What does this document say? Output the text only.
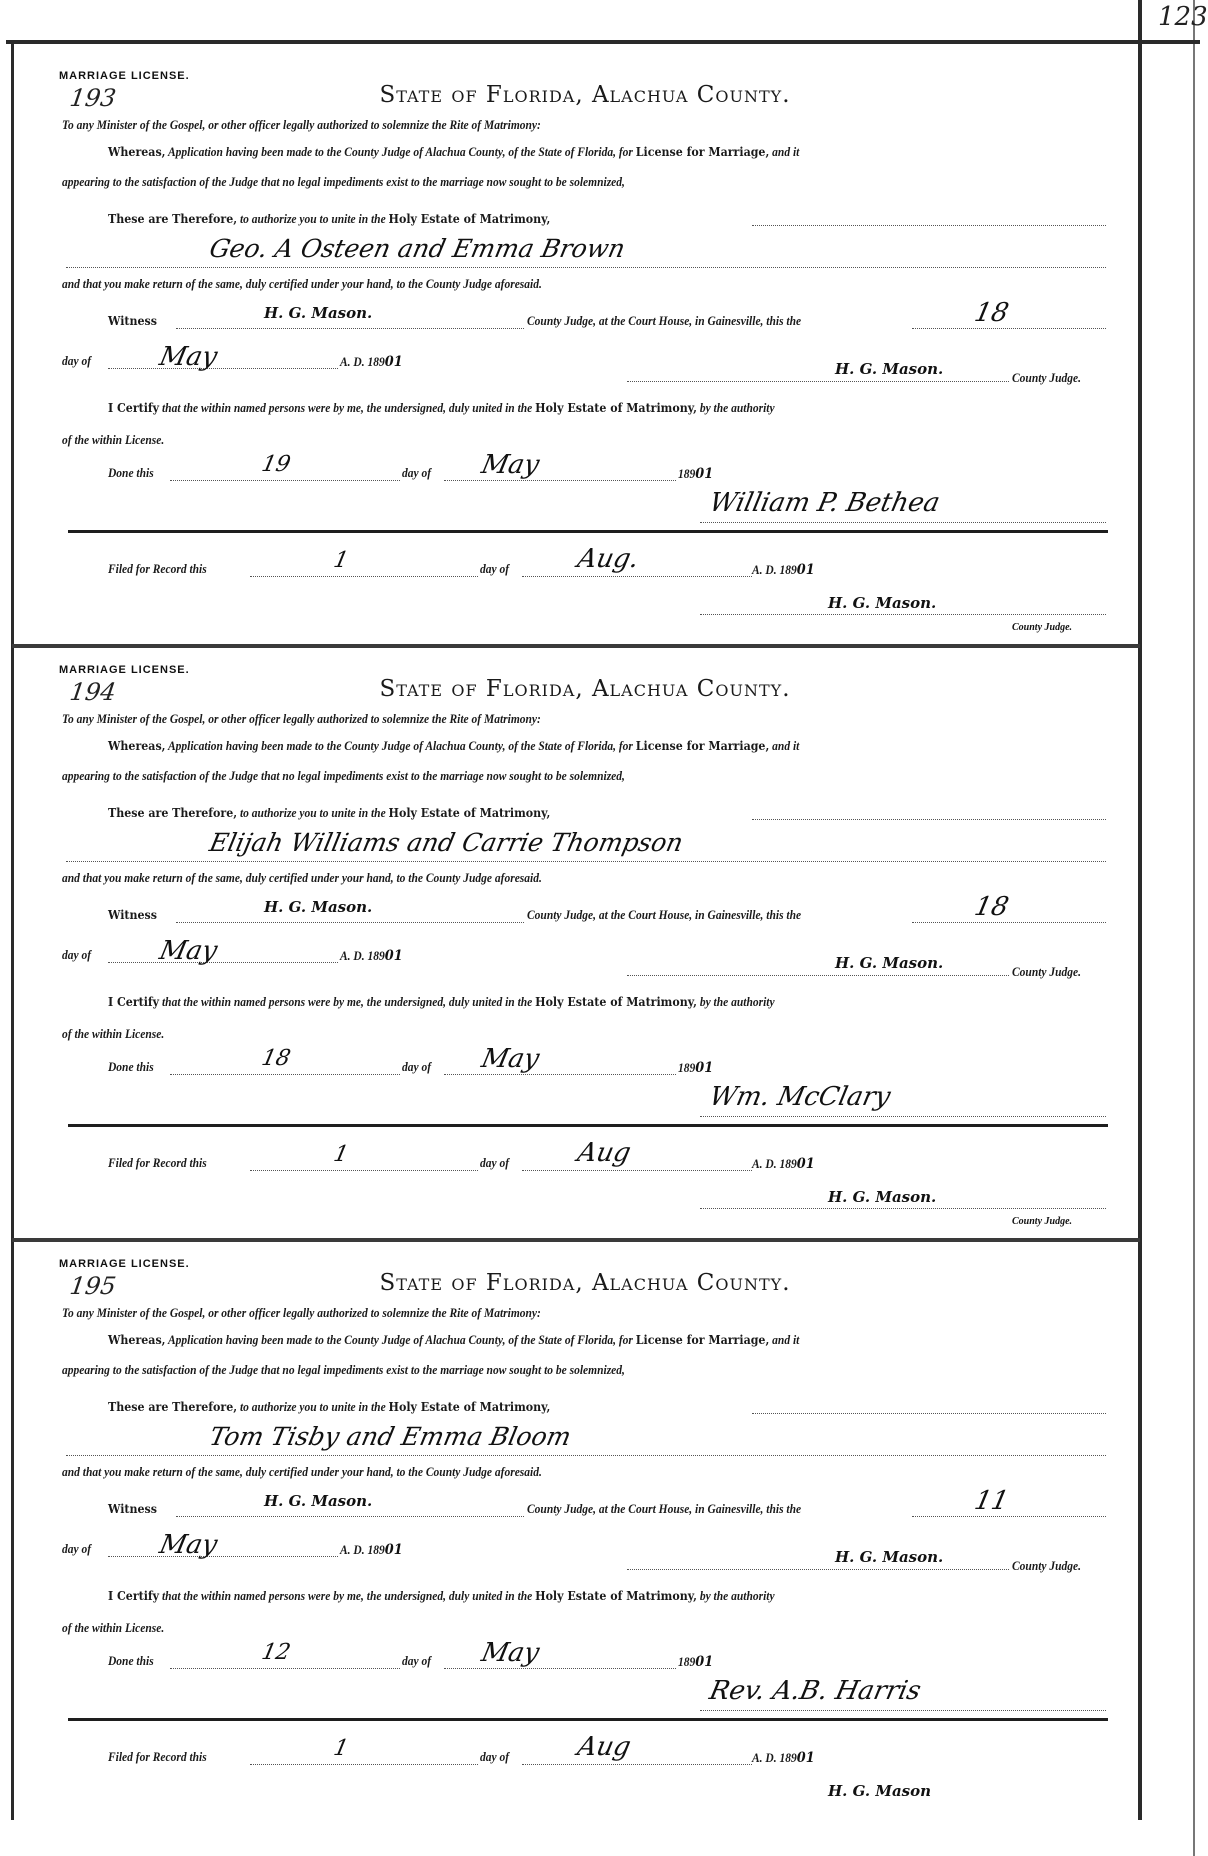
123
MARRIAGE LICENSE.
193	State of Florida, Alachua County.
To any Minister of the Gospel, or other officer legally authorized to solemnize the Rite of Matrimony:
Whereas, Application having been made to the County Judge of Alachua County, of the State of Florida, for License for Marriage, and it
appearing to the satisfaction of the Judge that no legal impediments exist to the marriage now sought to be solemnized,
These are Therefore, to authorize you to unite in the Holy Estate of Matrimony,
Geo. A Osteen and Emma Brown
and that you make return of the same, duly certified under your hand, to the County Judge aforesaid.
Witness	H. G. Mason.	County Judge, at the Court House, in Gainesville, this the	18
day of	May	A. D. 18901	H. G. Mason.	County Judge.
I Certify that the within named persons were by me, the undersigned, duly united in the Holy Estate of Matrimony, by the authority
of the within License.
Done this	19	day of May	18901
William P. Bethea
Filed for Record this	1	day of	Aug.	A. D. 18901
H. G. Mason.
County Judge.
MARRIAGE LICENSE.
194	State of Florida, Alachua County.
To any Minister of the Gospel, or other officer legally authorized to solemnize the Rite of Matrimony:
Whereas, Application having been made to the County Judge of Alachua County, of the State of Florida, for License for Marriage, and it
appearing to the satisfaction of the Judge that no legal impediments exist to the marriage now sought to be solemnized,
These are Therefore, to authorize you to unite in the Holy Estate of Matrimony,
Elijah Williams and Carrie Thompson
and that you make return of the same, duly certified under your hand, to the County Judge aforesaid.
Witness	H. G. Mason.	County Judge, at the Court House, in Gainesville, this the	18
day of	May	A. D. 18901	H. G. Mason.	County Judge.
I Certify that the within named persons were by me, the undersigned, duly united in the Holy Estate of Matrimony, by the authority
of the within License.
Done this	18	day of May	18901
Wm. McClary
Filed for Record this	1	day of	Aug	A. D. 18901
H. G. Mason.
County Judge.
MARRIAGE LICENSE.
195	State of Florida, Alachua County.
To any Minister of the Gospel, or other officer legally authorized to solemnize the Rite of Matrimony:
Whereas, Application having been made to the County Judge of Alachua County, of the State of Florida, for License for Marriage, and it
appearing to the satisfaction of the Judge that no legal impediments exist to the marriage now sought to be solemnized,
These are Therefore, to authorize you to unite in the Holy Estate of Matrimony,
Tom Tisby and Emma Bloom
and that you make return of the same, duly certified under your hand, to the County Judge aforesaid.
Witness	H. G. Mason.	County Judge, at the Court House, in Gainesville, this the	11
day of	May	A. D. 18901	H. G. Mason.	County Judge.
I Certify that the within named persons were by me, the undersigned, duly united in the Holy Estate of Matrimony, by the authority
of the within License.
Done this	12	day of May	18901
Rev. A.B. Harris
Filed for Record this	1	day of	Aug	A. D. 18901
H. G. Mason
